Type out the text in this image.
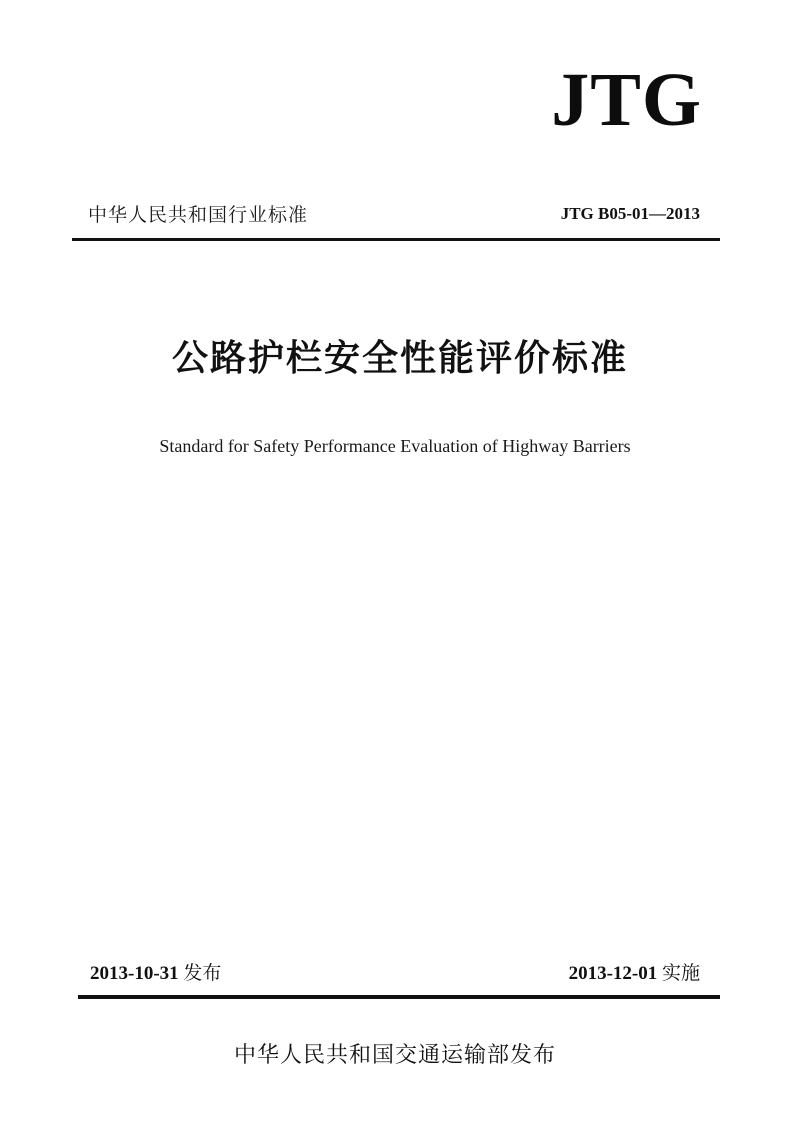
JTG
中华人民共和国行业标准	JTG B05-01—2013
公路护栏安全性能评价标准
Standard for Safety Performance Evaluation of Highway Barriers
2013-10-31 发布	2013-12-01 实施
中华人民共和国交通运输部发布
